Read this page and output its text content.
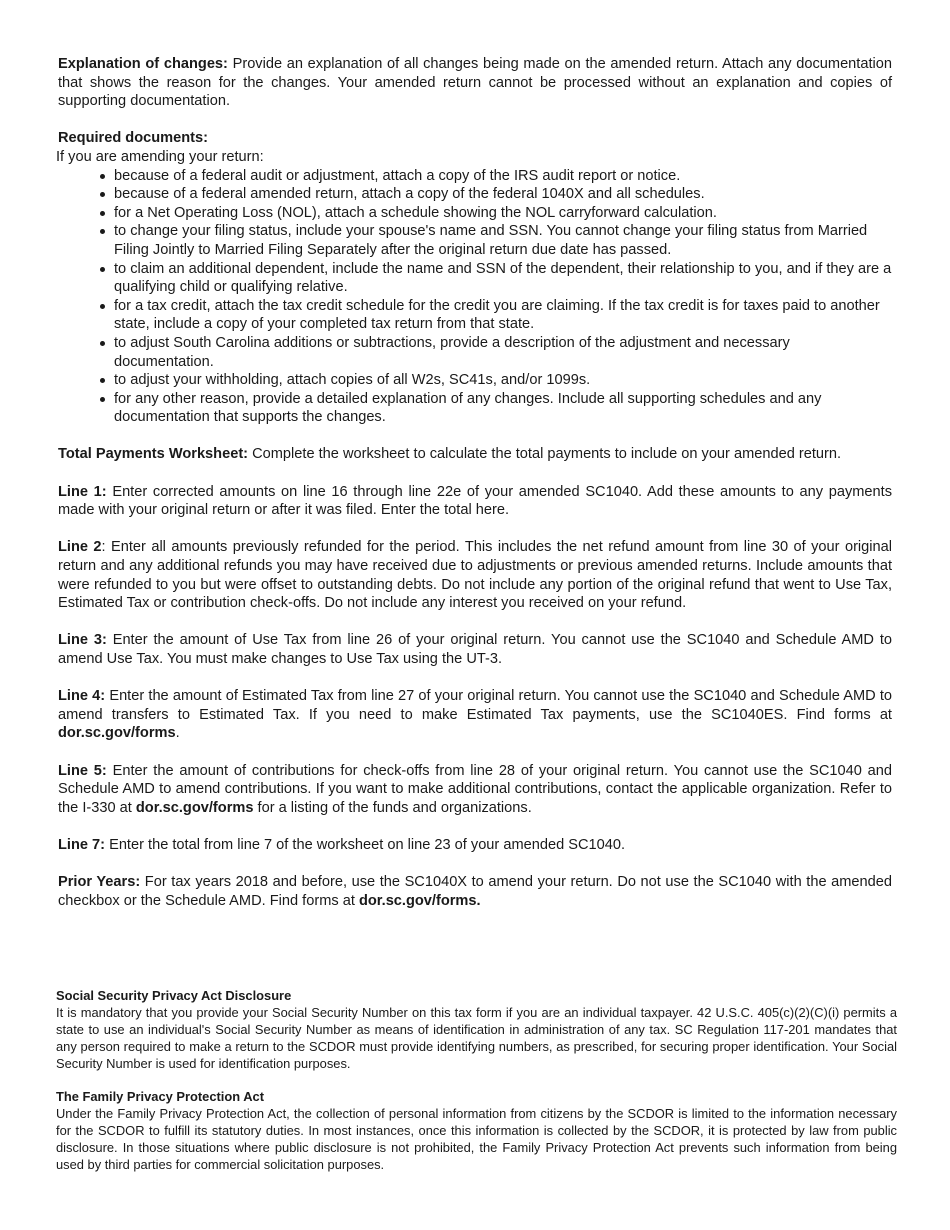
Explanation of changes: Provide an explanation of all changes being made on the amended return. Attach any documentation that shows the reason for the changes. Your amended return cannot be processed without an explanation and copies of supporting documentation.

Required documents:

If you are amending your return:

because of a federal audit or adjustment, attach a copy of the IRS audit report or notice.
because of a federal amended return, attach a copy of the federal 1040X and all schedules.
for a Net Operating Loss (NOL), attach a schedule showing the NOL carryforward calculation.
to change your filing status, include your spouse's name and SSN. You cannot change your filing status from Married Filing Jointly to Married Filing Separately after the original return due date has passed.
to claim an additional dependent, include the name and SSN of the dependent, their relationship to you, and if they are a qualifying child or qualifying relative.
for a tax credit, attach the tax credit schedule for the credit you are claiming. If the tax credit is for taxes paid to another state, include a copy of your completed tax return from that state.
to adjust South Carolina additions or subtractions, provide a description of the adjustment and necessary documentation.
to adjust your withholding, attach copies of all W2s, SC41s, and/or 1099s.
for any other reason, provide a detailed explanation of any changes. Include all supporting schedules and any documentation that supports the changes.

Total Payments Worksheet: Complete the worksheet to calculate the total payments to include on your amended return.

Line 1: Enter corrected amounts on line 16 through line 22e of your amended SC1040. Add these amounts to any payments made with your original return or after it was filed. Enter the total here.

Line 2: Enter all amounts previously refunded for the period. This includes the net refund amount from line 30 of your original return and any additional refunds you may have received due to adjustments or previous amended returns. Include amounts that were refunded to you but were offset to outstanding debts. Do not include any portion of the original refund that went to Use Tax, Estimated Tax or contribution check-offs. Do not include any interest you received on your refund.

Line 3: Enter the amount of Use Tax from line 26 of your original return. You cannot use the SC1040 and Schedule AMD to amend Use Tax. You must make changes to Use Tax using the UT-3.

Line 4: Enter the amount of Estimated Tax from line 27 of your original return. You cannot use the SC1040 and Schedule AMD to amend transfers to Estimated Tax. If you need to make Estimated Tax payments, use the SC1040ES. Find forms at dor.sc.gov/forms.

Line 5: Enter the amount of contributions for check-offs from line 28 of your original return. You cannot use the SC1040 and Schedule AMD to amend contributions. If you want to make additional contributions, contact the applicable organization. Refer to the I-330 at dor.sc.gov/forms for a listing of the funds and organizations.

Line 7: Enter the total from line 7 of the worksheet on line 23 of your amended SC1040.

Prior Years: For tax years 2018 and before, use the SC1040X to amend your return. Do not use the SC1040 with the amended checkbox or the Schedule AMD. Find forms at dor.sc.gov/forms.

Social Security Privacy Act Disclosure

It is mandatory that you provide your Social Security Number on this tax form if you are an individual taxpayer. 42 U.S.C. 405(c)(2)(C)(i) permits a state to use an individual's Social Security Number as means of identification in administration of any tax. SC Regulation 117-201 mandates that any person required to make a return to the SCDOR must provide identifying numbers, as prescribed, for securing proper identification. Your Social Security Number is used for identification purposes.

The Family Privacy Protection Act

Under the Family Privacy Protection Act, the collection of personal information from citizens by the SCDOR is limited to the information necessary for the SCDOR to fulfill its statutory duties. In most instances, once this information is collected by the SCDOR, it is protected by law from public disclosure. In those situations where public disclosure is not prohibited, the Family Privacy Protection Act prevents such information from being used by third parties for commercial solicitation purposes.
